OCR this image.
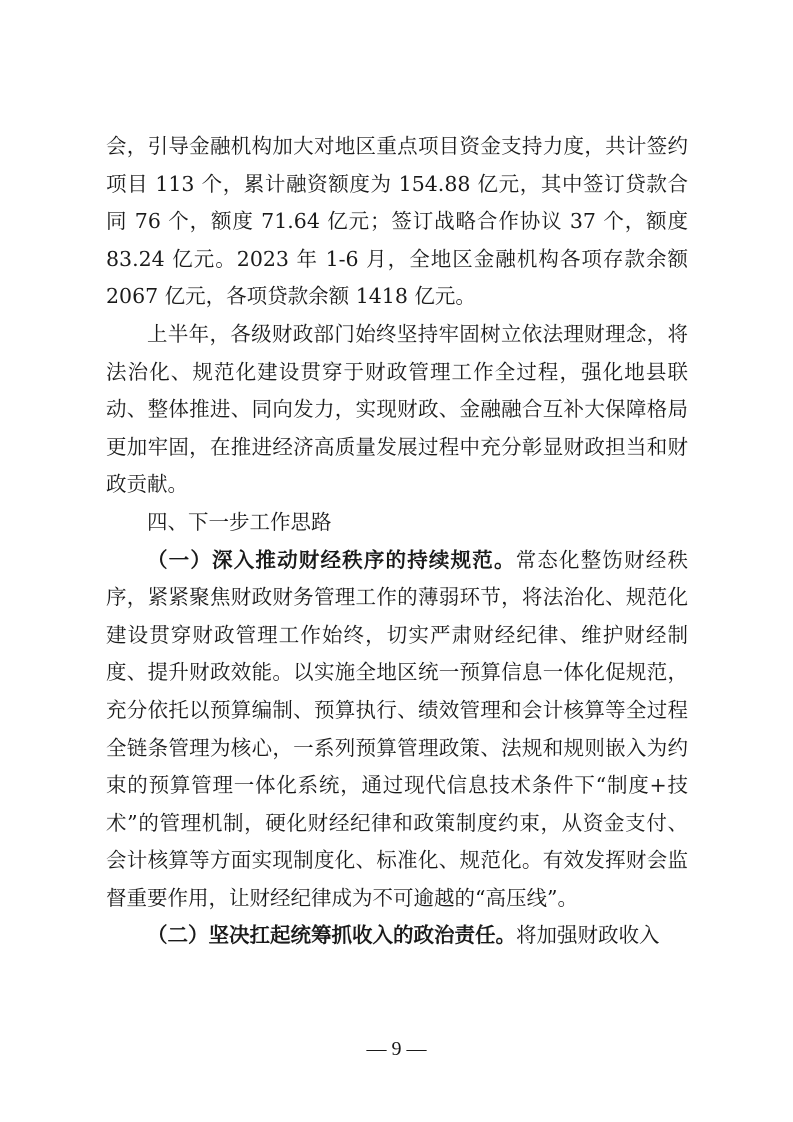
会，引导金融机构加大对地区重点项目资金支持力度，共计签约项目 113 个，累计融资额度为 154.88 亿元，其中签订贷款合同 76 个，额度 71.64 亿元；签订战略合作协议 37 个，额度 83.24 亿元。2023 年 1-6 月，全地区金融机构各项存款余额 2067 亿元，各项贷款余额 1418 亿元。

上半年，各级财政部门始终坚持牢固树立依法理财理念，将法治化、规范化建设贯穿于财政管理工作全过程，强化地县联动、整体推进、同向发力，实现财政、金融融合互补大保障格局更加牢固，在推进经济高质量发展过程中充分彰显财政担当和财政贡献。

四、下一步工作思路

（一）深入推动财经秩序的持续规范。常态化整饬财经秩序，紧紧聚焦财政财务管理工作的薄弱环节，将法治化、规范化建设贯穿财政管理工作始终，切实严肃财经纪律、维护财经制度、提升财政效能。以实施全地区统一预算信息一体化促规范，充分依托以预算编制、预算执行、绩效管理和会计核算等全过程全链条管理为核心，一系列预算管理政策、法规和规则嵌入为约束的预算管理一体化系统，通过现代信息技术条件下“制度+技术”的管理机制，硬化财经纪律和政策制度约束，从资金支付、会计核算等方面实现制度化、标准化、规范化。有效发挥财会监督重要作用，让财经纪律成为不可逾越的“高压线”。

（二）坚决扛起统筹抓收入的政治责任。将加强财政收入

— 9 —
